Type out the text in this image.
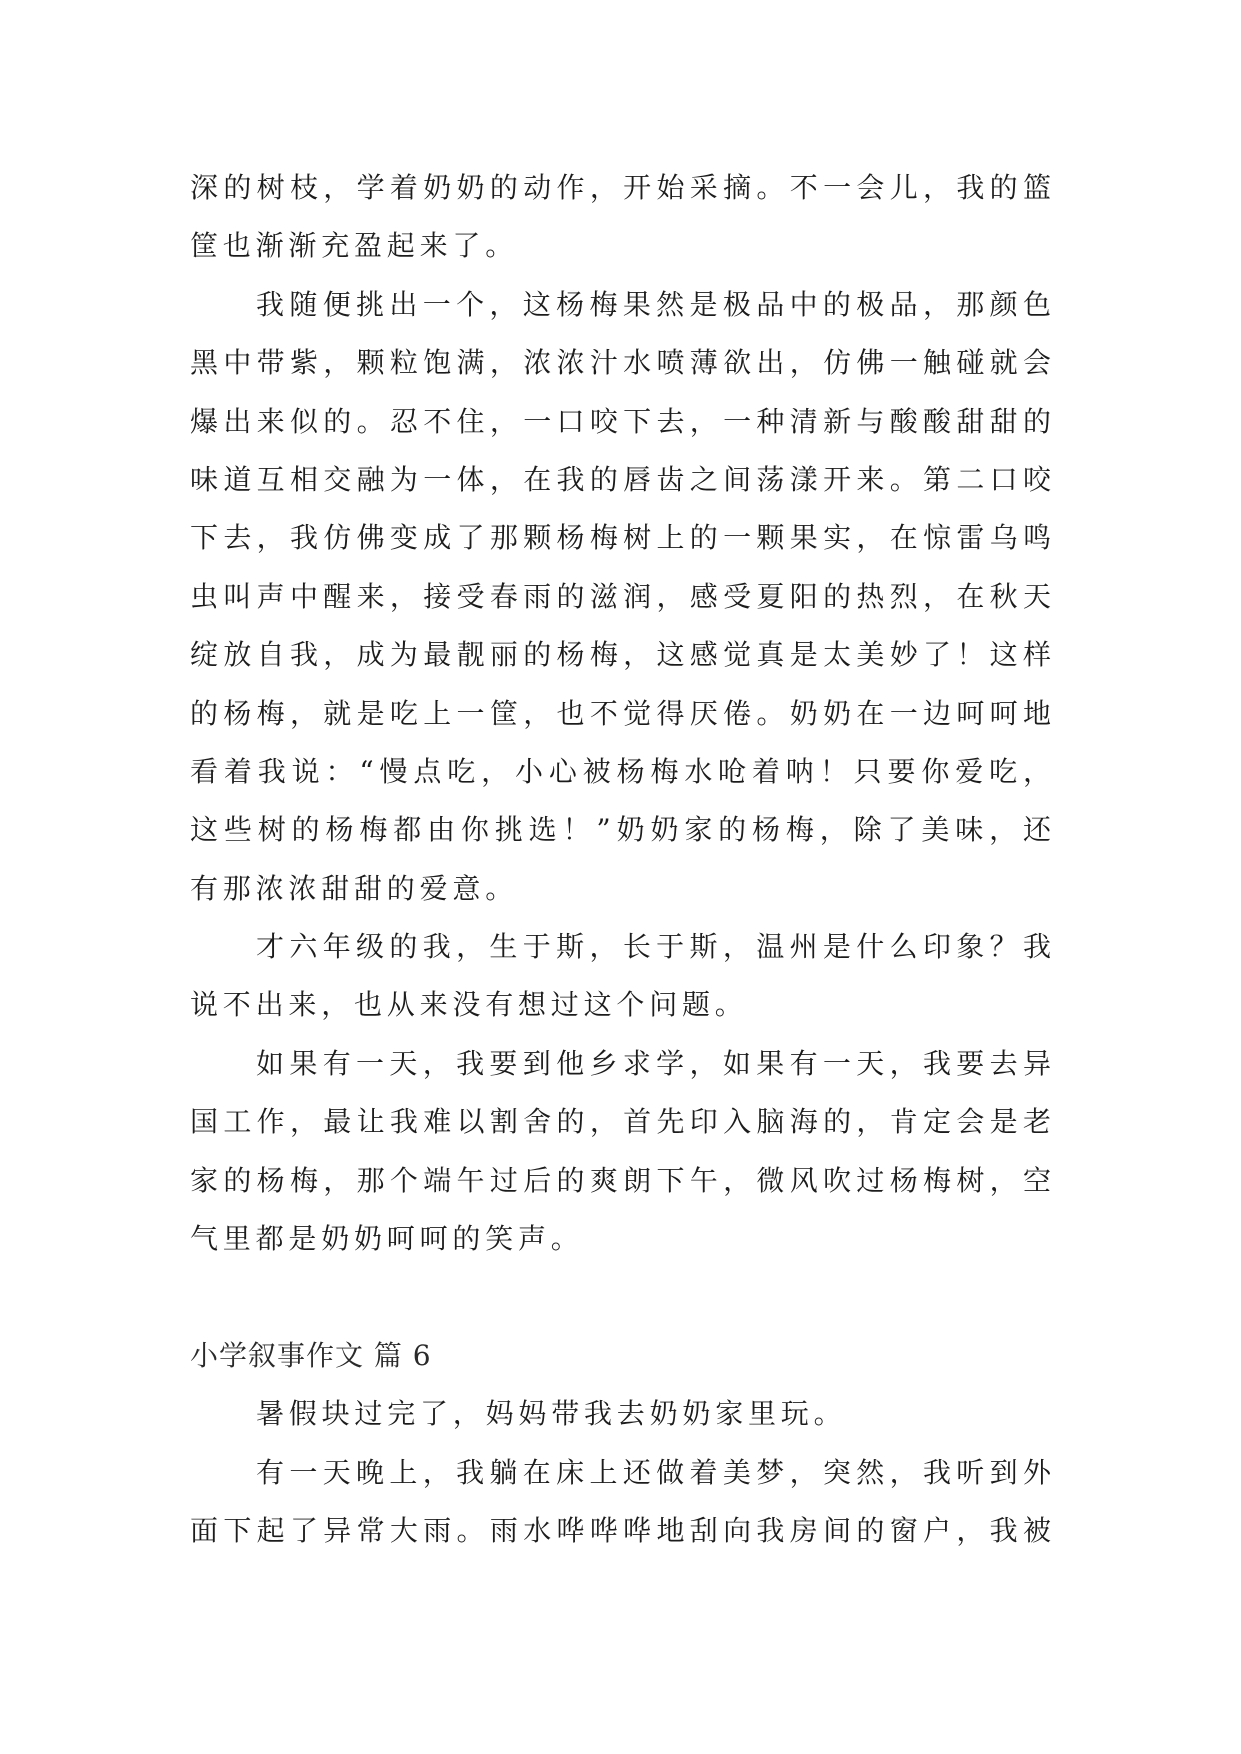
深的树枝，学着奶奶的动作，开始采摘。不一会儿，我的篮
筐也渐渐充盈起来了。
我随便挑出一个，这杨梅果然是极品中的极品，那颜色
黑中带紫，颗粒饱满，浓浓汁水喷薄欲出，仿佛一触碰就会
爆出来似的。忍不住，一口咬下去，一种清新与酸酸甜甜的
味道互相交融为一体，在我的唇齿之间荡漾开来。第二口咬
下去，我仿佛变成了那颗杨梅树上的一颗果实，在惊雷乌鸣
虫叫声中醒来，接受春雨的滋润，感受夏阳的热烈，在秋天
绽放自我，成为最靓丽的杨梅，这感觉真是太美妙了！这样
的杨梅，就是吃上一筐，也不觉得厌倦。奶奶在一边呵呵地
看着我说：“慢点吃，小心被杨梅水呛着呐！只要你爱吃，
这些树的杨梅都由你挑选！”奶奶家的杨梅，除了美味，还
有那浓浓甜甜的爱意。
才六年级的我，生于斯，长于斯，温州是什么印象？我
说不出来，也从来没有想过这个问题。
如果有一天，我要到他乡求学，如果有一天，我要去异
国工作，最让我难以割舍的，首先印入脑海的，肯定会是老
家的杨梅，那个端午过后的爽朗下午，微风吹过杨梅树，空
气里都是奶奶呵呵的笑声。
小学叙事作文 篇 6
暑假块过完了，妈妈带我去奶奶家里玩。
有一天晚上，我躺在床上还做着美梦，突然，我听到外
面下起了异常大雨。雨水哗哗哗地刮向我房间的窗户，我被
